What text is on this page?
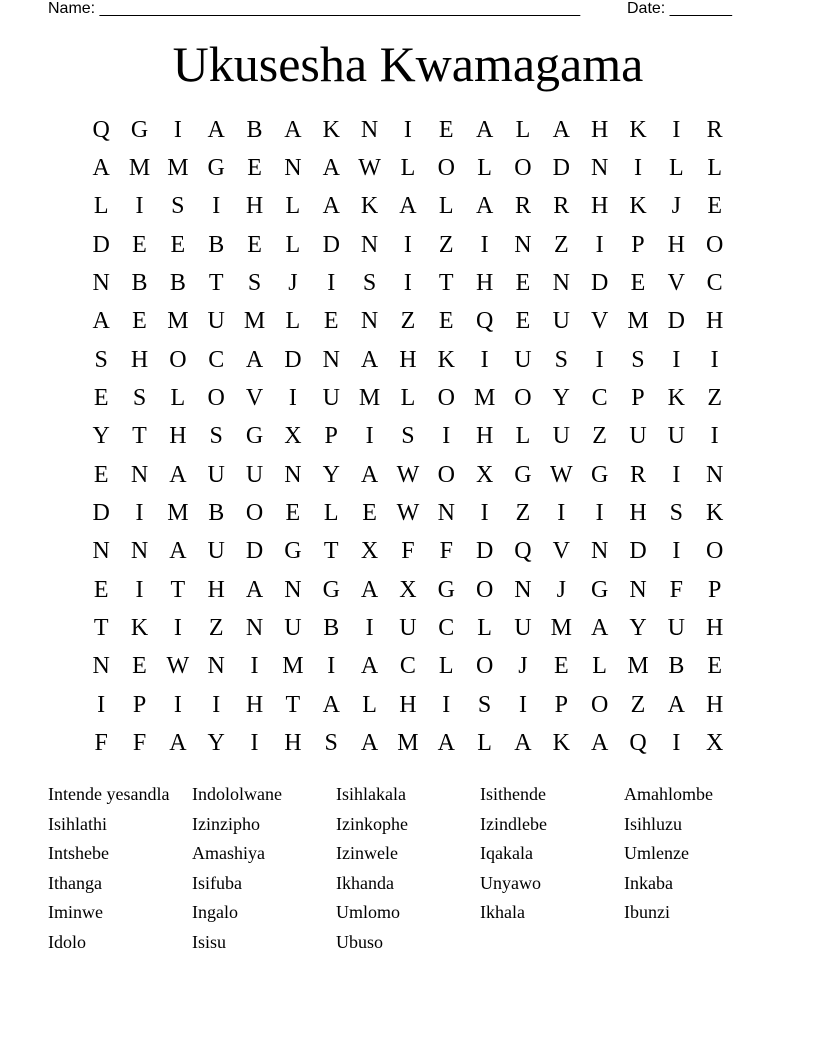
Name: ______________________________________________________	Date: _______
Ukusesha Kwamagama
Q G	I	A B A K N	I	E A L A H K	I	R
A M M G E N A W L O L O D N	I	L L
L	I	S	I	H L A K A L A R R H K	J	E
D E E B E L D N	I	Z	I	N Z	I	P H O
N B B T	S	J	I	S	I	T H E N D E V C
A E M U M L E N Z E Q E U V M D H
S H O C A D N A H K	I	U S	I	S	I	I
E	S	L O V	I	U M L O M O Y C P K Z
Y T H S G X P	I	S	I	H L U Z U U	I
E N A U U N Y A W O X G W G R	I	N
D	I M B O E L E W N	I	Z	I	I	H S K
N N A U D G T X F	F D Q V N D	I	O
E	I	T H A N G A X G O N	J	G N F	P
T K	I	Z N U B	I	U C L U M A Y U H
N E W N	I M I	A C L O	J	E L M B E
I	P	I	I	H T A L H	I	S	I	P O Z A H
F	F A Y	I	H S A M A L A K A Q	I	X
Intende yesandla	Indololwane	Isihlakala	Isithende	Amahlombe
Isihlathi	Izinzipho	Izinkophe	Izindlebe	Isihluzu
Intshebe	Amashiya	Izinwele	Iqakala	Umlenze
Ithanga	Isifuba	Ikhanda	Unyawo	Inkaba
Iminwe	Ingalo	Umlomo	Ikhala	Ibunzi
Idolo	Isisu	Ubuso
